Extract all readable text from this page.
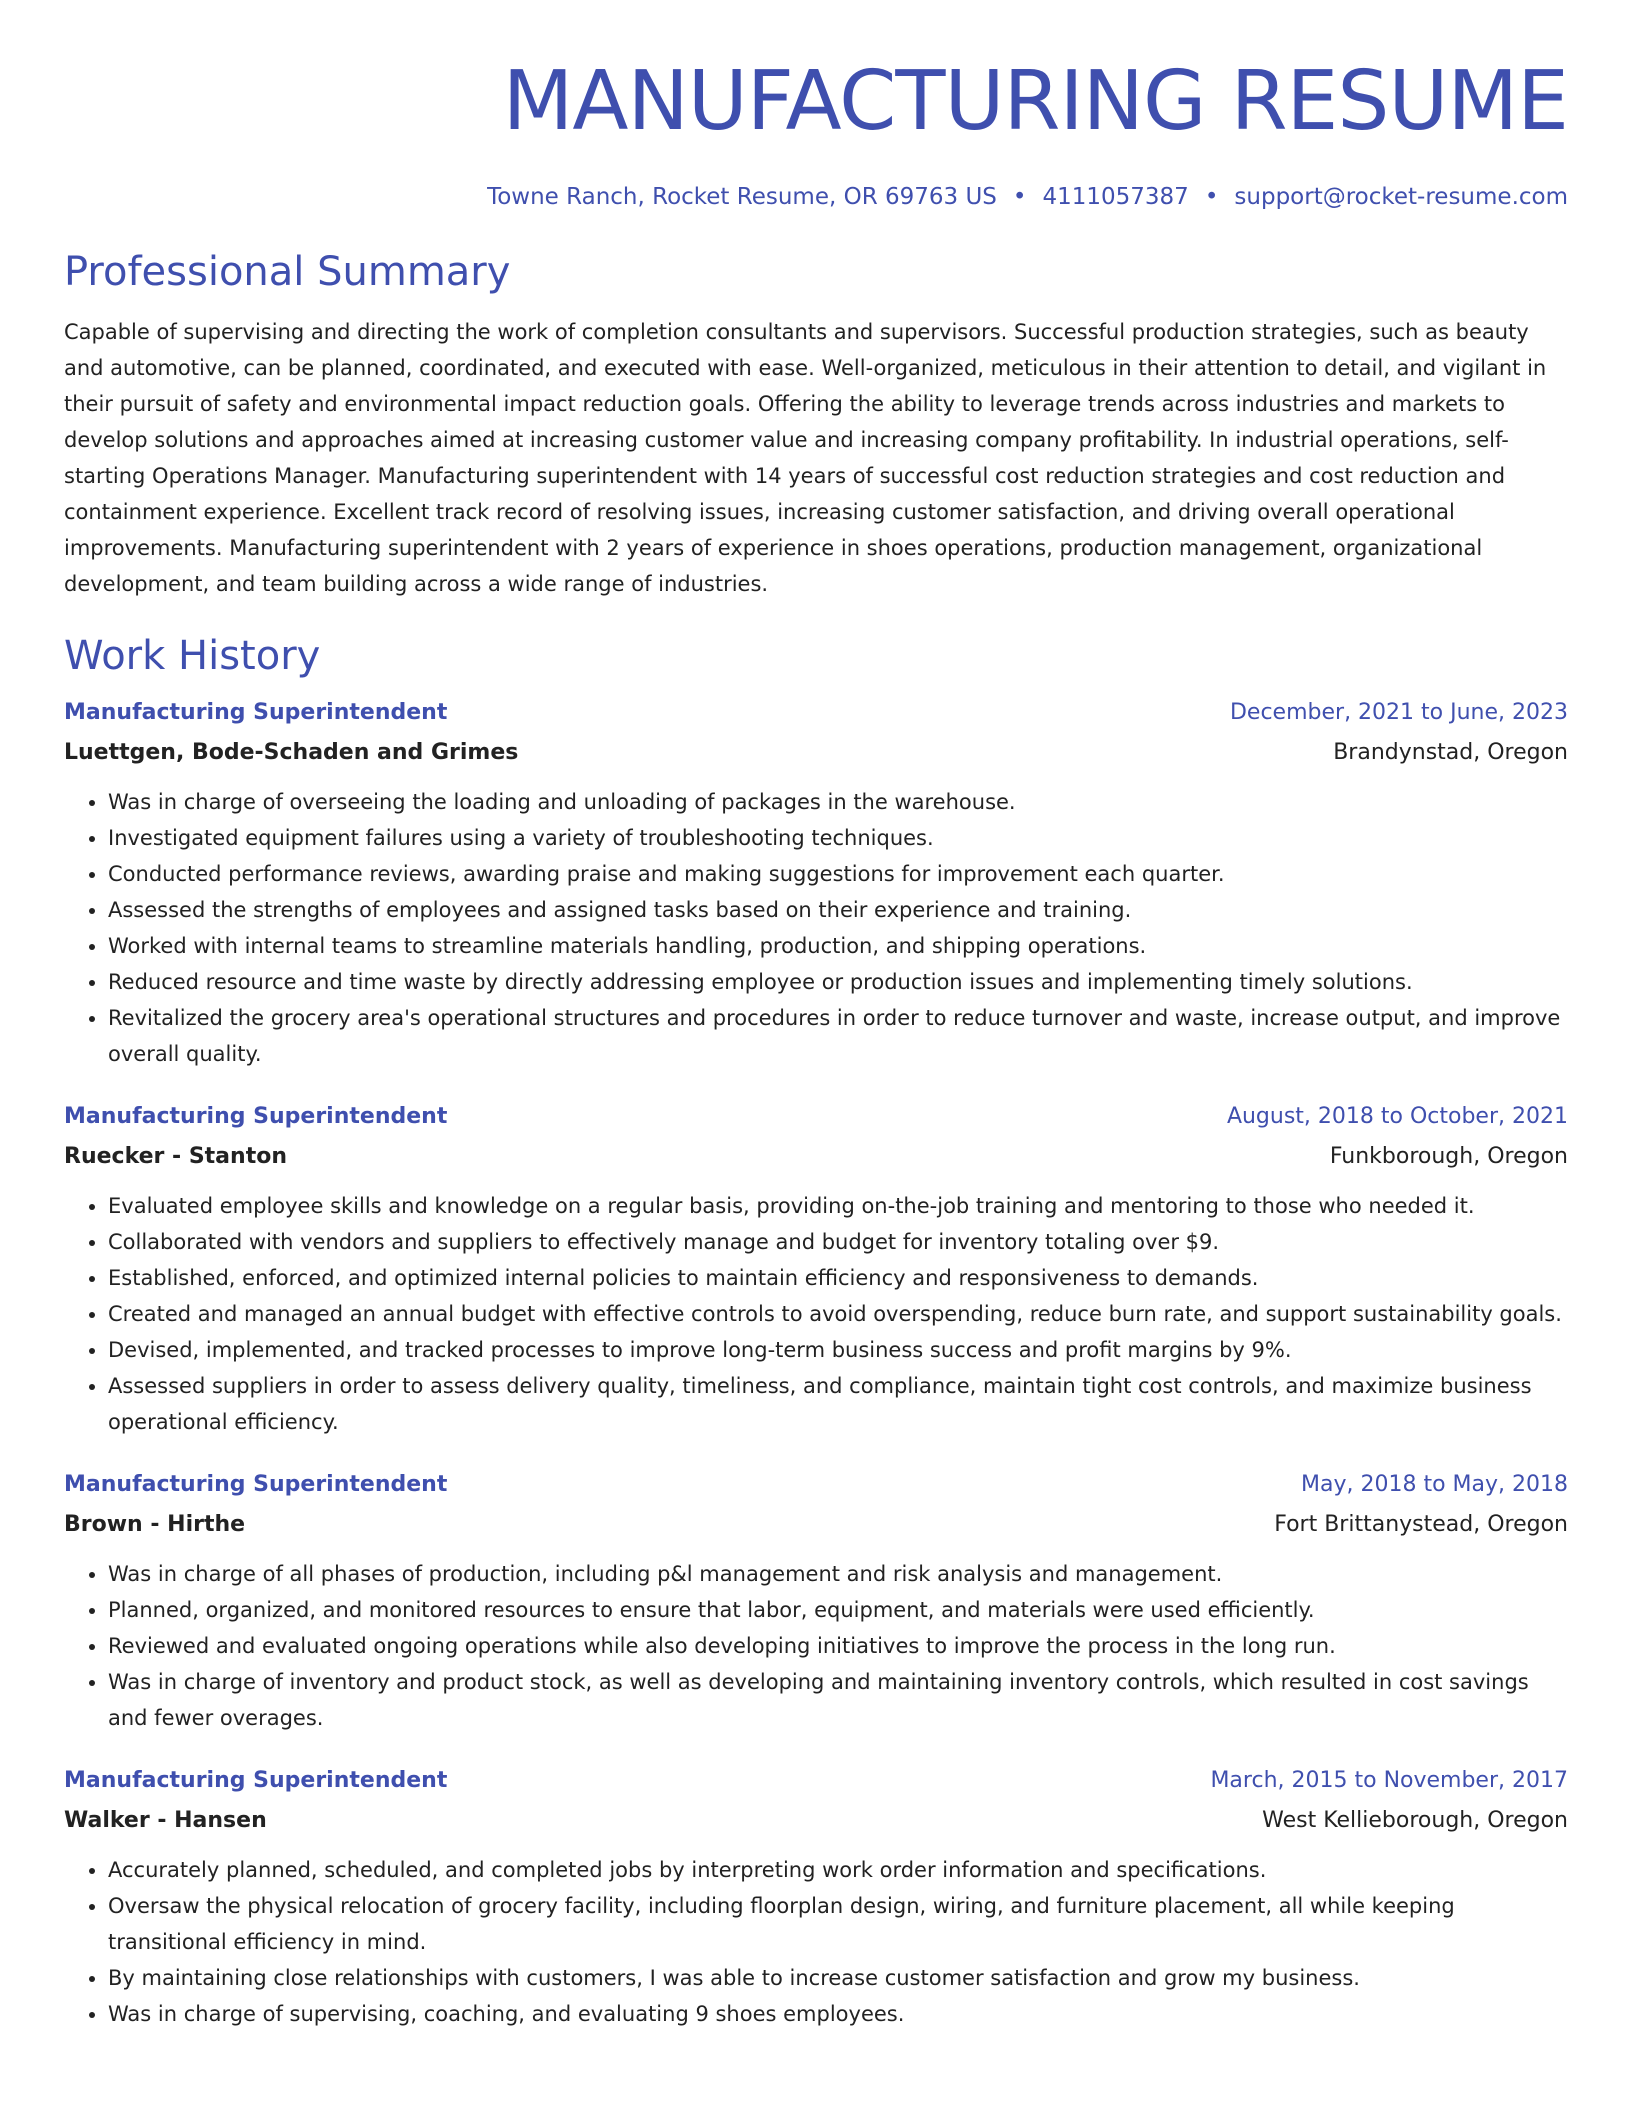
MANUFACTURING RESUME
Towne Ranch, Rocket Resume, OR 69763 US • 4111057387 • support@rocket-resume.com
Professional Summary
Capable of supervising and directing the work of completion consultants and supervisors. Successful production strategies, such as beauty and automotive, can be planned, coordinated, and executed with ease. Well-organized, meticulous in their attention to detail, and vigilant in their pursuit of safety and environmental impact reduction goals. Offering the ability to leverage trends across industries and markets to develop solutions and approaches aimed at increasing customer value and increasing company profitability. In industrial operations, self-starting Operations Manager. Manufacturing superintendent with 14 years of successful cost reduction strategies and cost reduction and containment experience. Excellent track record of resolving issues, increasing customer satisfaction, and driving overall operational improvements. Manufacturing superintendent with 2 years of experience in shoes operations, production management, organizational development, and team building across a wide range of industries.
Work History
Manufacturing Superintendent	December, 2021 to June, 2023
Luettgen, Bode-Schaden and Grimes	Brandynstad, Oregon
• Was in charge of overseeing the loading and unloading of packages in the warehouse.
• Investigated equipment failures using a variety of troubleshooting techniques.
• Conducted performance reviews, awarding praise and making suggestions for improvement each quarter.
• Assessed the strengths of employees and assigned tasks based on their experience and training.
• Worked with internal teams to streamline materials handling, production, and shipping operations.
• Reduced resource and time waste by directly addressing employee or production issues and implementing timely solutions.
• Revitalized the grocery area's operational structures and procedures in order to reduce turnover and waste, increase output, and improve overall quality.
Manufacturing Superintendent	August, 2018 to October, 2021
Ruecker - Stanton	Funkborough, Oregon
• Evaluated employee skills and knowledge on a regular basis, providing on-the-job training and mentoring to those who needed it.
• Collaborated with vendors and suppliers to effectively manage and budget for inventory totaling over $9.
• Established, enforced, and optimized internal policies to maintain efficiency and responsiveness to demands.
• Created and managed an annual budget with effective controls to avoid overspending, reduce burn rate, and support sustainability goals.
• Devised, implemented, and tracked processes to improve long-term business success and profit margins by 9%.
• Assessed suppliers in order to assess delivery quality, timeliness, and compliance, maintain tight cost controls, and maximize business operational efficiency.
Manufacturing Superintendent	May, 2018 to May, 2018
Brown - Hirthe	Fort Brittanystead, Oregon
• Was in charge of all phases of production, including p&l management and risk analysis and management.
• Planned, organized, and monitored resources to ensure that labor, equipment, and materials were used efficiently.
• Reviewed and evaluated ongoing operations while also developing initiatives to improve the process in the long run.
• Was in charge of inventory and product stock, as well as developing and maintaining inventory controls, which resulted in cost savings and fewer overages.
Manufacturing Superintendent	March, 2015 to November, 2017
Walker - Hansen	West Kellieborough, Oregon
• Accurately planned, scheduled, and completed jobs by interpreting work order information and specifications.
• Oversaw the physical relocation of grocery facility, including floorplan design, wiring, and furniture placement, all while keeping transitional efficiency in mind.
• By maintaining close relationships with customers, I was able to increase customer satisfaction and grow my business.
• Was in charge of supervising, coaching, and evaluating 9 shoes employees.
